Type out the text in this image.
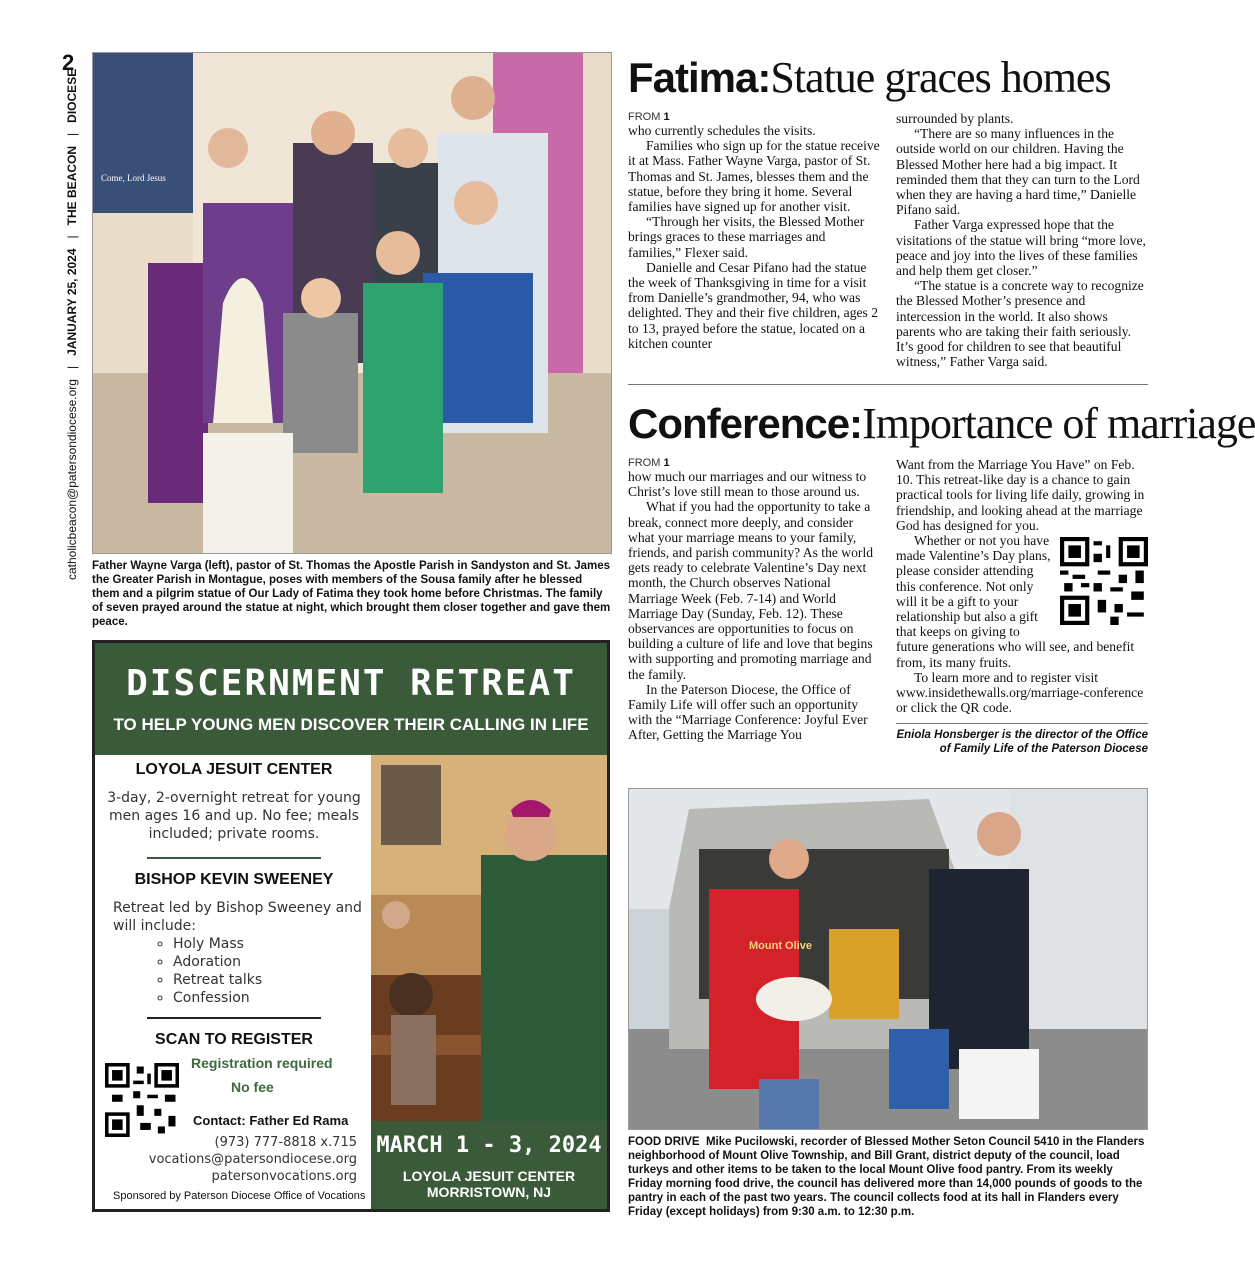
2
catholicbeacon@patersondiocese.org   |   JANUARY 25, 2024   |   THE BEACON   |   DIOCESE
Come, Lord Jesus
Father Wayne Varga (left), pastor of St. Thomas the Apostle Parish in Sandyston and St. James the Greater Parish in Montague, poses with members of the Sousa family after he blessed them and a pilgrim statue of Our Lady of Fatima they took home before Christmas. The family of seven prayed around the statue at night, which brought them closer together and gave them peace.
Fatima:Statue graces homes
FROM 1

who currently schedules the visits.

Families who sign up for the statue receive it at Mass. Father Wayne Varga, pastor of St. Thomas and St. James, blesses them and the statue, before they bring it home. Several families have signed up for another visit.

“Through her visits, the Blessed Mother brings graces to these marriages and families,” Flexer said.

Danielle and Cesar Pifano had the statue the week of Thanksgiving in time for a visit from Danielle’s grandmother, 94, who was delighted. They and their five children, ages 2 to 13, prayed before the statue, located on a kitchen counter

surrounded by plants.

“There are so many influences in the outside world on our children. Having the Blessed Mother here had a big impact. It reminded them that they can turn to the Lord when they are having a hard time,” Danielle Pifano said.

Father Varga expressed hope that the visitations of the statue will bring “more love, peace and joy into the lives of these families and help them get closer.”

“The statue is a concrete way to recognize the Blessed Mother’s presence and intercession in the world. It also shows parents who are taking their faith seriously. It’s good for children to see that beautiful witness,” Father Varga said.

Conference:Importance of marriage
FROM 1

how much our marriages and our witness to Christ’s love still mean to those around us.

What if you had the opportunity to take a break, connect more deeply, and consider what your marriage means to your family, friends, and parish community? As the world gets ready to celebrate Valentine’s Day next month, the Church observes National Marriage Week (Feb. 7-14) and World Marriage Day (Sunday, Feb. 12). These observances are opportunities to focus on building a culture of life and love that begins with supporting and promoting marriage and the family.

In the Paterson Diocese, the Office of Family Life will offer such an opportunity with the “Marriage Conference: Joyful Ever After, Getting the Marriage You

Want from the Marriage You Have” on Feb. 10. This retreat-like day is a chance to gain practical tools for living life daily, growing in friendship, and looking ahead at the marriage God has designed for you.

Whether or not you have made Valentine’s Day plans, please consider attending this conference. Not only will it be a gift to your relationship but also a gift that keeps on giving to future generations who will see, and benefit from, its many fruits.

To learn more and to register visit www.insidethewalls.org/marriage-conference or click the QR code.

Eniola Honsberger is the director of the Office of Family Life of the Paterson Diocese
DISCERNMENT RETREAT
TO HELP YOUNG MEN DISCOVER THEIR CALLING IN LIFE
MARCH 1 - 3, 2024
LOYOLA JESUIT CENTER
MORRISTOWN, NJ
LOYOLA JESUIT CENTER
3-day, 2-overnight retreat for young men ages 16 and up. No fee; meals included; private rooms.
BISHOP KEVIN SWEENEY
Retreat led by Bishop Sweeney and will include:
◦ Holy Mass
◦ Adoration
◦ Retreat talks
◦ Confession
SCAN TO REGISTER
Registration required
No fee
Contact: Father Ed Rama
(973) 777-8818 x.715
vocations@patersondiocese.org
patersonvocations.org
Sponsored by Paterson Diocese Office of Vocations
Mount Olive
FOOD DRIVE Mike Pucilowski, recorder of Blessed Mother Seton Council 5410 in the Flanders neighborhood of Mount Olive Township, and Bill Grant, district deputy of the council, load turkeys and other items to be taken to the local Mount Olive food pantry. From its weekly Friday morning food drive, the council has delivered more than 14,000 pounds of goods to the pantry in each of the past two years. The council collects food at its hall in Flanders every Friday (except holidays) from 9:30 a.m. to 12:30 p.m.
